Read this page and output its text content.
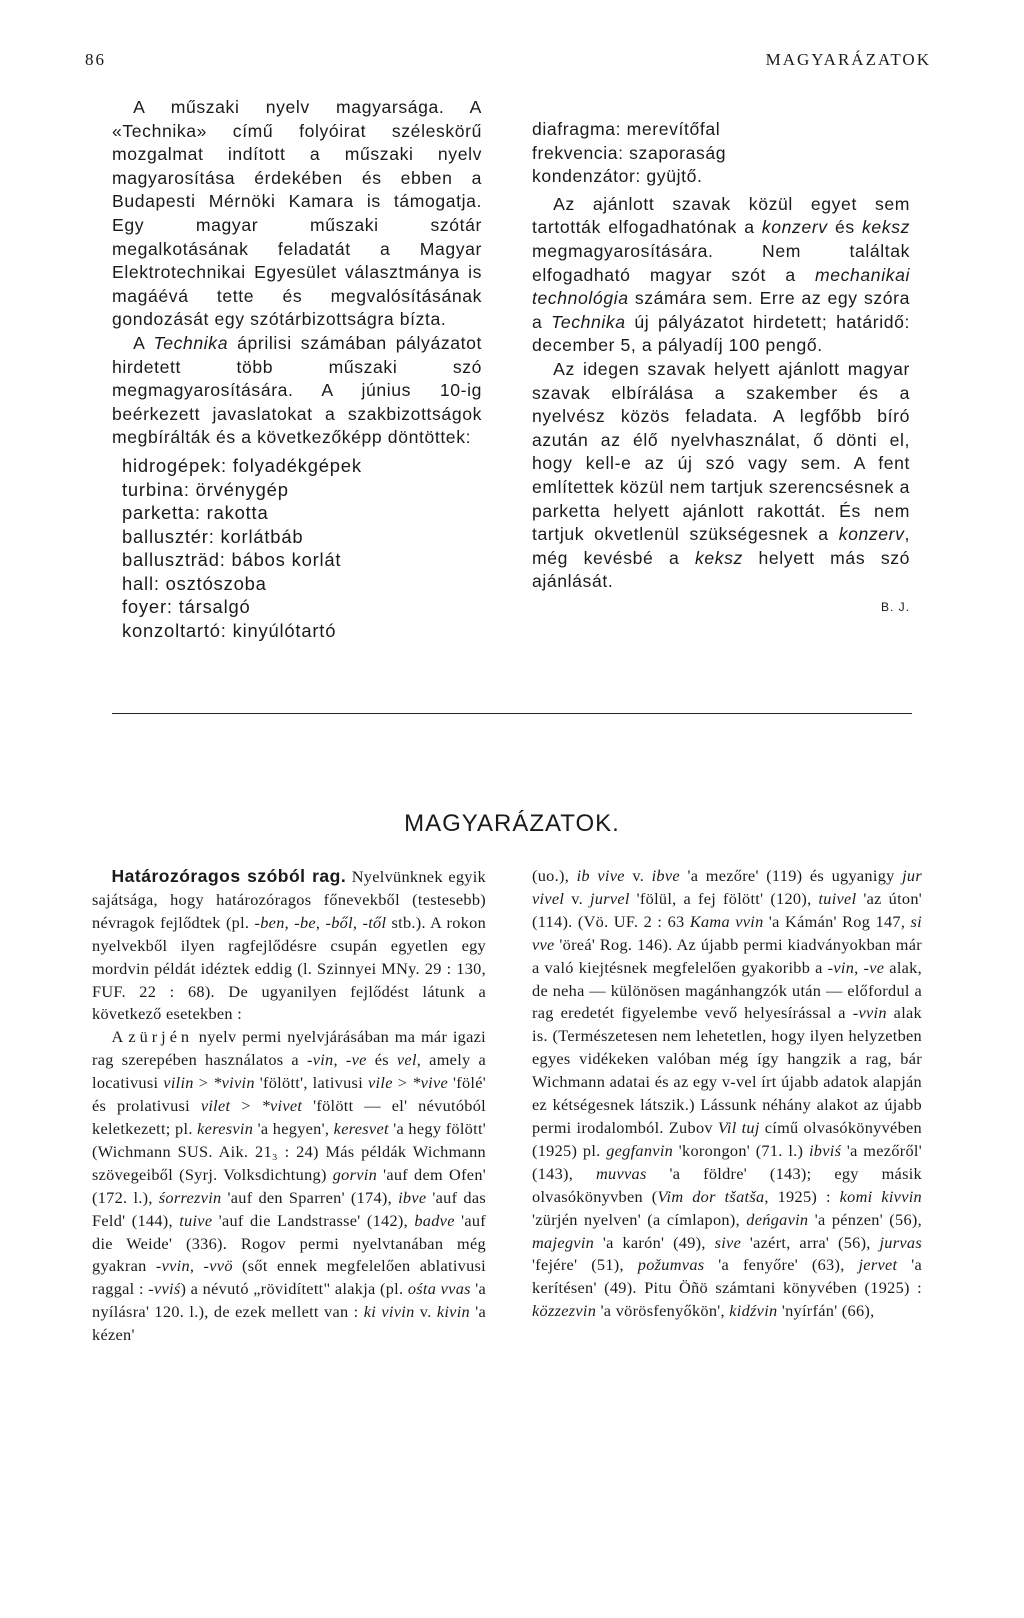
86	MAGYARÁZATOK

A műszaki nyelv magyarsága. A «Technika» című folyóirat széleskörű mozgalmat indított a műszaki nyelv magyarosítása érdekében és ebben a Budapesti Mérnöki Kamara is támogatja. Egy magyar műszaki szótár megalkotásának feladatát a Magyar Elektrotechnikai Egyesület választmánya is magáévá tette és megvalósításának gondozását egy szótárbizottságra bízta.

A Technika áprilisi számában pályázatot hirdetett több műszaki szó megmagyarosítására. A június 10-ig beérkezett javaslatokat a szakbizottságok megbírálták és a következőképp döntöttek:

hidrogépek: folyadékgépek
turbina: örvénygép
parketta: rakotta
ballusztér: korlátbáb
balluszträd: bábos korlát
hall: osztószoba
foyer: társalgó
konzoltartó: kinyúlótartó
diafragma: merevítőfal
frekvencia: szaporaság
kondenzátor: gyüjtő.

Az ajánlott szavak közül egyet sem tartották elfogadhatónak a konzerv és keksz megmagyarosítására. Nem találtak elfogadható magyar szót a mechanikai technológia számára sem. Erre az egy szóra a Technika új pályázatot hirdetett; határidő: december 5, a pályadíj 100 pengő.

Az idegen szavak helyett ajánlott magyar szavak elbírálása a szakember és a nyelvész közös feladata. A legfőbb bíró azután az élő nyelvhasználat, ő dönti el, hogy kell-e az új szó vagy sem. A fent említettek közül nem tartjuk szerencsésnek a parketta helyett ajánlott rakottát. És nem tartjuk okvetlenül szükségesnek a konzerv, még kevésbé a keksz helyett más szó ajánlását.

B. J.
MAGYARÁZATOK.

Határozóragos szóból rag. Nyelvünknek egyik sajátsága, hogy határozóragos főnevekből (testesebb) névragok fejlődtek (pl. -ben, -be, -ből, -től stb.). A rokon nyelvekből ilyen ragfejlődésre csupán egyetlen egy mordvin példát idéztek eddig (l. Szinnyei MNy. 29 : 130, FUF. 22 : 68). De ugyanilyen fejlődést látunk a következő esetekben :

A zürjén nyelv permi nyelvjárásában ma már igazi rag szerepében használatos a -vin, -ve és vel, amely a locativusi vilin > *vivin 'fölött', lativusi vile > *vive 'fölé' és prolativusi vilet > *vivet 'fölött — el' névutóból keletkezett; pl. keresvin 'a hegyen', keresvet 'a hegy fölött' (Wichmann SUS. Aik. 21₃ : 24) Más példák Wichmann szövegeiből (Syrj. Volksdichtung) gorvin 'auf dem Ofen' (172. l.), śorrezvin 'auf den Sparren' (174), ibve 'auf das Feld' (144), tuive 'auf die Landstrasse' (142), badve 'auf die Weide' (336). Rogov permi nyelvtanában még gyakran -vvin, -vvö (sőt ennek megfelelően ablativusi raggal : -vviś) a névutó „rövidített" alakja (pl. ośta vvas 'a nyílásra' 120. l.), de ezek mellett van : ki vivin v. kivin 'a kézen'

(uo.), ib vive v. ibve 'a mezőre' (119) és ugyanigy jur vivel v. jurvel 'fölül, a fej fölött' (120), tuivel 'az úton' (114). (Vö. UF. 2 : 63 Kama vvin 'a Kámán' Rog 147, si vve 'öreá' Rog. 146). Az újabb permi kiadványokban már a való kiejtésnek megfelelően gyakoribb a -vin, -ve alak, de neha — különösen magánhangzók után — előfordul a rag eredetét figyelembe vevő helyesírással a -vvin alak is. (Természetesen nem lehetetlen, hogy ilyen helyzetben egyes vidékeken valóban még így hangzik a rag, bár Wichmann adatai és az egy v-vel írt újabb adatok alapján ez kétségesnek látszik.) Lássunk néhány alakot az újabb permi irodalomból. Zubov Vil tuj című olvasókönyvében (1925) pl. gegfanvin 'korongon' (71. l.) ibviś 'a mezőről' (143), muvvas 'a földre' (143); egy másik olvasókönyvben (Vim dor tšatša, 1925) : komi kivvin 'zürjén nyelven' (a címlapon), deńgavin 'a pénzen' (56), majegvin 'a karón' (49), sive 'azért, arra' (56), jurvas 'fejére' (51), požumvas 'a fenyőre' (63), jervet 'a kerítésen' (49). Pitu Öñö számtani könyvében (1925) : közzezvin 'a vörösfenyőkön', kidźvin 'nyírfán' (66),
